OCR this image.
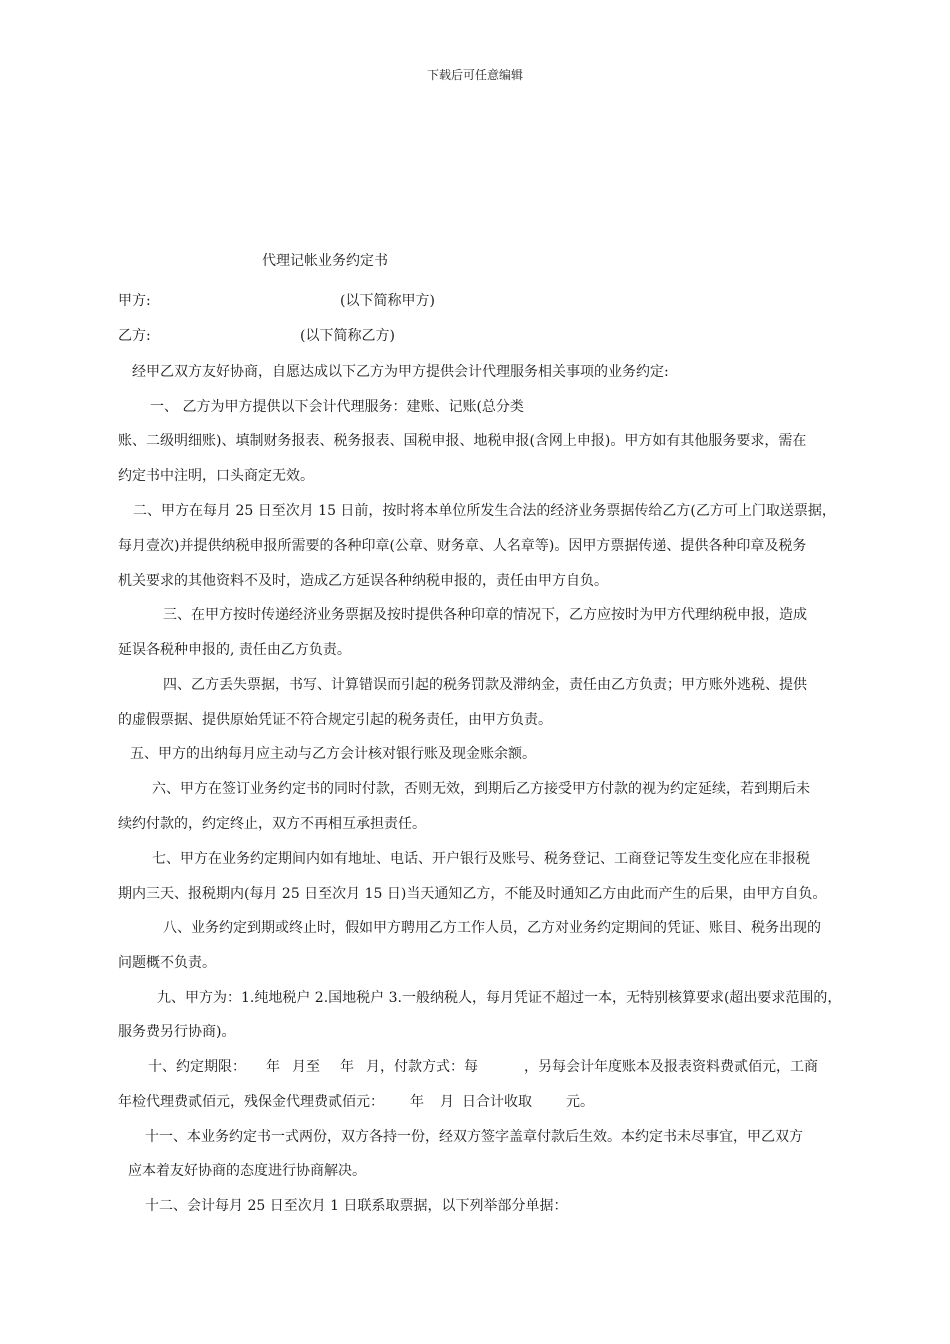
下载后可任意编辑
代理记帐业务约定书
甲方:	(以下简称甲方)
乙方:	(以下简称乙方)
经甲乙双方友好协商，自愿达成以下乙方为甲方提供会计代理服务相关事项的业务约定:
一、 乙方为甲方提供以下会计代理服务：建账、记账(总分类
账、二级明细账)、填制财务报表、税务报表、国税申报、地税申报(含网上申报)。甲方如有其他服务要求，需在
约定书中注明，口头商定无效。
二、甲方在每月 25 日至次月 15 日前，按时将本单位所发生合法的经济业务票据传给乙方(乙方可上门取送票据，
每月壹次)并提供纳税申报所需要的各种印章(公章、财务章、人名章等)。因甲方票据传递、提供各种印章及税务
机关要求的其他资料不及时，造成乙方延误各种纳税申报的，责任由甲方自负。
三、在甲方按时传递经济业务票据及按时提供各种印章的情况下，乙方应按时为甲方代理纳税申报，造成
延误各税种申报的, 责任由乙方负责。
四、乙方丢失票据，书写、计算错误而引起的税务罚款及滞纳金，责任由乙方负责；甲方账外逃税、提供
的虚假票据、提供原始凭证不符合规定引起的税务责任，由甲方负责。
五、甲方的出纳每月应主动与乙方会计核对银行账及现金账余额。
六、甲方在签订业务约定书的同时付款，否则无效，到期后乙方接受甲方付款的视为约定延续，若到期后未
续约付款的，约定终止，双方不再相互承担责任。
七、甲方在业务约定期间内如有地址、电话、开户银行及账号、税务登记、工商登记等发生变化应在非报税
期内三天、报税期内(每月 25 日至次月 15 日)当天通知乙方，不能及时通知乙方由此而产生的后果，由甲方自负。
八、业务约定到期或终止时，假如甲方聘用乙方工作人员，乙方对业务约定期间的凭证、账目、税务出现的
问题概不负责。
九、甲方为：1.纯地税户 2.国地税户 3.一般纳税人，每月凭证不超过一本，无特别核算要求(超出要求范围的，
服务费另行协商)。
十、约定期限： 年 月至 年 月，付款方式：每	，另每会计年度账本及报表资料费贰佰元，工商
年检代理费贰佰元，残保金代理费贰佰元： 年 月 日合计收取 元。
十一、本业务约定书一式两份，双方各持一份，经双方签字盖章付款后生效。本约定书未尽事宜，甲乙双方
应本着友好协商的态度进行协商解决。
十二、会计每月 25 日至次月 1 日联系取票据，以下列举部分单据：
